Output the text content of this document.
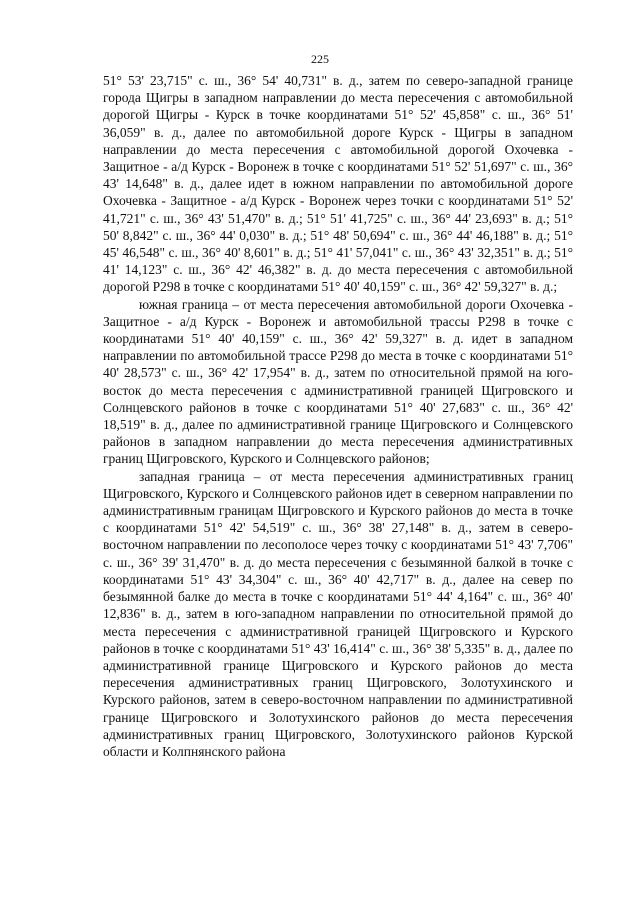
225

51° 53' 23,715" с. ш., 36° 54' 40,731" в. д., затем по северо-западной границе города Щигры в западном направлении до места пересечения с автомобильной дорогой Щигры - Курск в точке координатами 51° 52' 45,858" с. ш., 36° 51' 36,059" в. д., далее по автомобильной дороге Курск - Щигры в западном направлении до места пересечения с автомобильной дорогой Охочевка - Защитное - а/д Курск - Воронеж в точке с координатами 51° 52' 51,697" с. ш., 36° 43' 14,648" в. д., далее идет в южном направлении по автомобильной дороге Охочевка - Защитное - а/д Курск - Воронеж через точки с координатами 51° 52' 41,721" с. ш., 36° 43' 51,470" в. д.; 51° 51' 41,725" с. ш., 36° 44' 23,693" в. д.; 51° 50' 8,842" с. ш., 36° 44' 0,030" в. д.; 51° 48' 50,694" с. ш., 36° 44' 46,188" в. д.; 51° 45' 46,548" с. ш., 36° 40' 8,601" в. д.; 51° 41' 57,041" с. ш., 36° 43' 32,351" в. д.; 51° 41' 14,123" с. ш., 36° 42' 46,382" в. д. до места пересечения с автомобильной дорогой Р298 в точке с координатами 51° 40' 40,159" с. ш., 36° 42' 59,327" в. д.;

южная граница – от места пересечения автомобильной дороги Охочевка - Защитное - а/д Курск - Воронеж и автомобильной трассы Р298 в точке с координатами 51° 40' 40,159" с. ш., 36° 42' 59,327" в. д. идет в западном направлении по автомобильной трассе Р298 до места в точке с координатами 51° 40' 28,573" с. ш., 36° 42' 17,954" в. д., затем по относительной прямой на юго-восток до места пересечения с административной границей Щигровского и Солнцевского районов в точке с координатами 51° 40' 27,683" с. ш., 36° 42' 18,519" в. д., далее по административной границе Щигровского и Солнцевского районов в западном направлении до места пересечения административных границ Щигровского, Курского и Солнцевского районов;

западная граница – от места пересечения административных границ Щигровского, Курского и Солнцевского районов идет в северном направлении по административным границам Щигровского и Курского районов до места в точке с координатами 51° 42' 54,519" с. ш., 36° 38' 27,148" в. д., затем в северо-восточном направлении по лесополосе через точку с координатами 51° 43' 7,706" с. ш., 36° 39' 31,470" в. д. до места пересечения с безымянной балкой в точке с координатами 51° 43' 34,304" с. ш., 36° 40' 42,717" в. д., далее на север по безымянной балке до места в точке с координатами 51° 44' 4,164" с. ш., 36° 40' 12,836" в. д., затем в юго-западном направлении по относительной прямой до места пересечения с административной границей Щигровского и Курского районов в точке с координатами 51° 43' 16,414" с. ш., 36° 38' 5,335" в. д., далее по административной границе Щигровского и Курского районов до места пересечения административных границ Щигровского, Золотухинского и Курского районов, затем в северо-восточном направлении по административной границе Щигровского и Золотухинского районов до места пересечения административных границ Щигровского, Золотухинского районов Курской области и Колпнянского района
